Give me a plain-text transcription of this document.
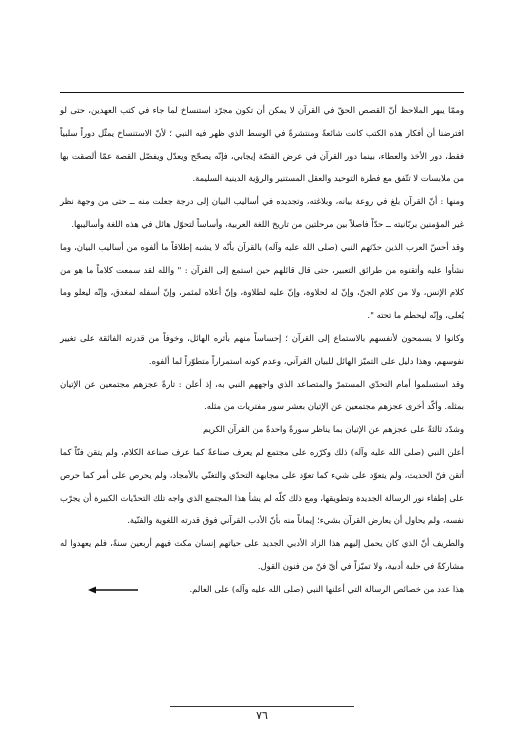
وممّا يبهر الملاحظ أنّ القصص الحقّ في القرآن لا يمكن أن تكون مجرّد استنساخ لما جاء في كتب العهدين، حتى لو افترضنا أن أفكار هذه الكتب كانت شائعةً ومنتشرةً في الوسط الذي ظهر فيه النبي ؛ لأنّ الاستنساخ يمثّل دوراً سلبياً فقط، دور الأخذ والعطاء، بينما دور القرآن في عرض القصّة إيجابي، فإنّه يصحّح ويعدّل ويفصّل القصة عمّا ألصقت بها من ملابسات لا تتّفق مع فطرة التوحيد والعقل المستنير والرؤية الدينية السليمة.

ومنها : أنّ القرآن بلغ في روعة بيانه، وبلاغته، وتجديده في أساليب البيان إلى درجة جعلت منه ــ حتى من وجهة نظر غير المؤمنين بربّانيته ــ حدّاً فاصلاً بين مرحلتين من تاريخ اللغة العربية، وأساساً لتحوّل هائل في هذه اللغة وأساليبها.

وقد أحسّ العرب الذين حدّثهم النبي (صلى الله عليه وآله) بالقرآن بأنّه لا يشبه إطلاقاً ما ألفوه من أساليب البيان، وما نشأوا عليه وأتقنوه من طرائق التعبير، حتى قال قائلهم حين استمع إلى القرآن : " والله لقد سمعت كلاماً ما هو من كلام الإنس، ولا من كلام الجنّ، وإنّ له لحلاوة، وإنّ عليه لطلاوة، وإنّ أعلاه لمثمر، وإنّ أسفله لمغدق، وإنّه ليعلو وما يُعلى، وإنّه ليحطم ما تحته ".

وكانوا لا يسمحون لأنفسهم بالاستماع إلى القرآن ؛ إحساساً منهم بأثره الهائل، وخوفاً من قدرته الفائقة على تغيير نفوسهم، وهذا دليل على التميّز الهائل للبيان القرآني، وعدم كونه استمراراً متطوّراً لما ألفوه.

وقد استسلموا أمام التحدّي المستمرّ والمتصاعد الذي واجههم النبي به، إذ أعلن : تارةً عجزهم مجتمعين عن الإتيان بمثله. وأكّد أخرى عجزهم مجتمعين عن الإتيان بعشر سور مفتريات من مثله.

وشدّد ثالثةً على عجزهم عن الإتيان بما يناظر سورةً واحدةً من القرآن الكريم

أعلن النبي (صلى الله عليه وآله) ذلك وكرّره على مجتمع لم يعرف صناعةً كما عرف صناعة الكلام، ولم يتقن فنّاً كما أتقن فنّ الحديث، ولم يتعوّد على شيء كما تعوّد على مجابهة التحدّي والتغنّي بالأمجاد، ولم يحرص على أمر كما حرص على إطفاء نور الرسالة الجديدة وتطويقها، ومع ذلك كلّه لم يشأ هذا المجتمع الذي واجه تلك التحدّيات الكبيرة أن يجرّب نفسه، ولم يحاول أن يعارض القرآن بشيء؛ إيماناً منه بأنّ الأدب القرآني فوق قدرته اللغوية والفنّية.

والطريف أنّ الذي كان يحمل إليهم هذا الزاد الأدبي الجديد على حياتهم إنسان مكث فيهم أربعين سنةً، فلم يعهدوا له مشاركةً في حلبة أدبية، ولا تميّزاً في أيّ فنّ من فنون القول.

هذا عدد من خصائص الرسالة التي أعلنها النبي (صلى الله عليه وآله) على العالم.
٧٦
